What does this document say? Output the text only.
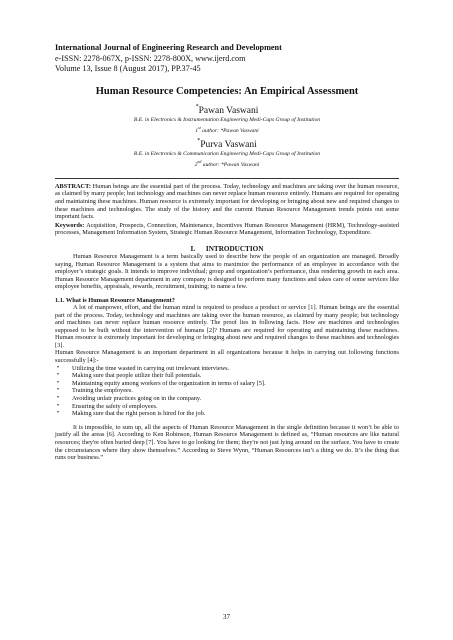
International Journal of Engineering Research and Development
e-ISSN: 2278-067X, p-ISSN: 2278-800X, www.ijerd.com
Volume 13, Issue 8 (August 2017), PP.37-45
Human Resource Competencies: An Empirical Assessment
*Pawan Vaswani
B.E. in Electronics & Instrumentation Engineering Medi-Caps Group of Institution
1st author: *Pawan Vaswani
*Purva Vaswani
B.E. in Electronics & Communication Engineering Medi-Caps Group of Institution
2nd author: *Pawan Vaswani
ABSTRACT: Human beings are the essential part of the process. Today, technology and machines are taking over the human resource, as claimed by many people; but technology and machines can never replace human resource entirely. Humans are required for operating and maintaining these machines. Human resource is extremely important for developing or bringing about new and required changes to these machines and technologies. The study of the history and the current Human Resource Management trends points out some important facts.
Keywords: Acquisition, Prospects, Connection, Maintenance, Incentives Human Resource Management (HRM), Technology-assisted processes, Management Information System, Strategic Human Resource Management, Information Technology, Expenditure.
I.      INTRODUCTION
Human Resource Management is a term basically used to describe how the people of an organization are managed. Broadly saying, Human Resource Management is a system that aims to maximize the performance of an employee in accordance with the employer’s strategic goals. It intends to improve individual; group and organization’s performance, thus rendering growth in each area. Human Resource Management department in any company is designed to perform many functions and takes care of some services like employee benefits, appraisals, rewards, recruitment, training; to name a few.
1.1. What is Human Resource Management?
A lot of manpower, effort, and the human mind is required to produce a product or service [1]. Human beings are the essential part of the process. Today, technology and machines are taking over the human resource, as claimed by many people; but technology and machines can never replace human resource entirely. The proof lies in following facts. How are machines and technologies supposed to be built without the intervention of humans [2]? Humans are required for operating and maintaining these machines. Human resource is extremely important for developing or bringing about new and required changes to these machines and technologies [3].
Human Resource Management is an important department in all organizations because it helps in carrying out following functions successfully [4]:-
• Utilizing the time wasted in carrying out irrelevant interviews.
• Making sure that people utilize their full potentials.
• Maintaining equity among workers of the organization in terms of salary [5].
• Training the employees.
• Avoiding unfair practices going on in the company.
• Ensuring the safety of employees.
• Making sure that the right person is hired for the job.
It is impossible, to sum up, all the aspects of Human Resource Management in the single definition because it won’t be able to justify all the areas [6]. According to Ken Robinson, Human Resource Management is defined as, “Human resources are like natural resources; they're often buried deep [7]. You have to go looking for them; they're not just lying around on the surface. You have to create the circumstances where they show themselves.” According to Steve Wynn, “Human Resources isn’t a thing we do. It’s the thing that runs our business.”
37
